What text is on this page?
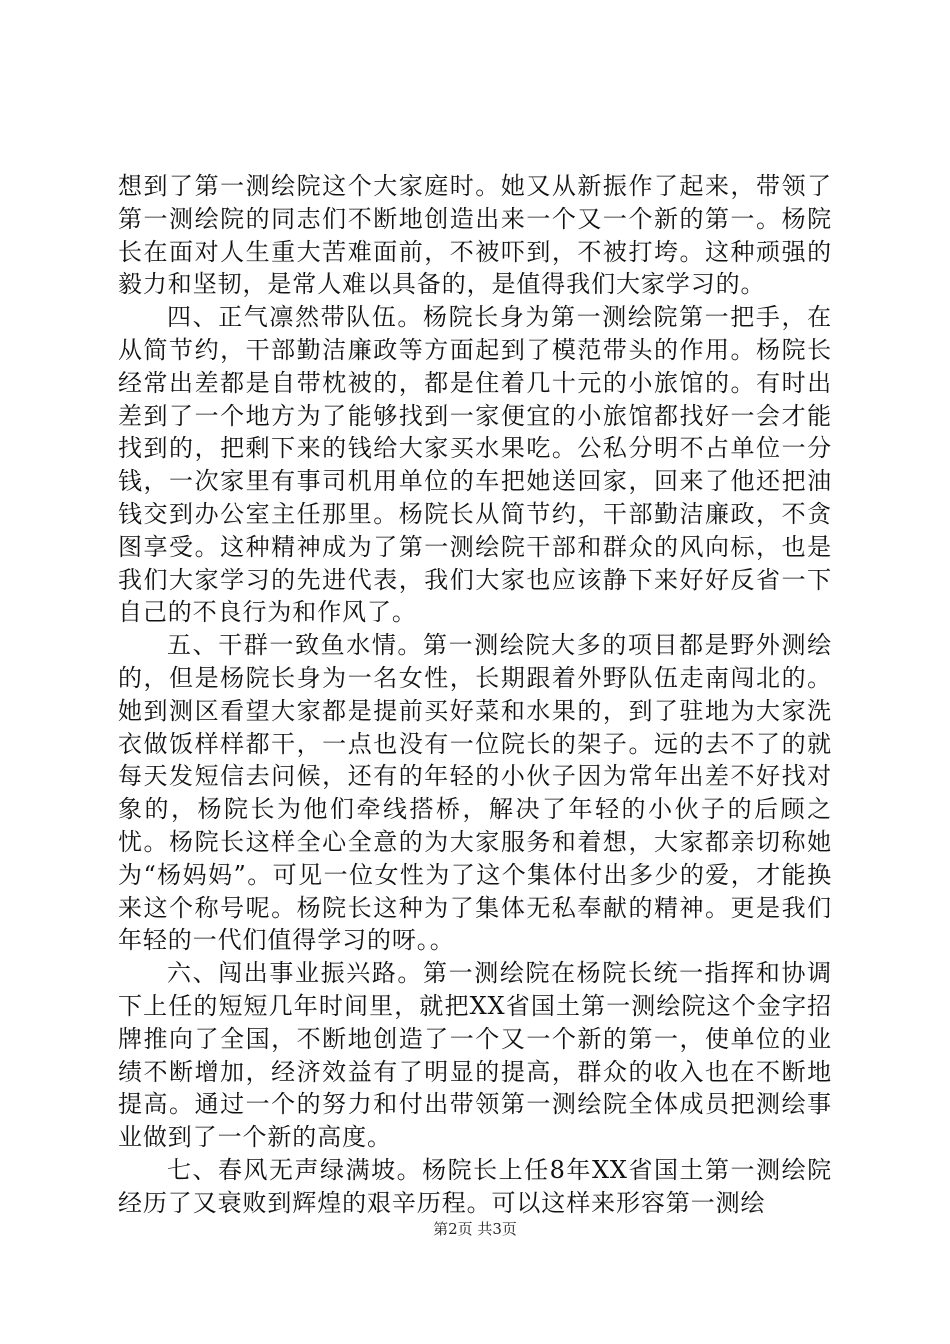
想到了第一测绘院这个大家庭时。她又从新振作了起来，带领了第一测绘院的同志们不断地创造出来一个又一个新的第一。杨院长在面对人生重大苦难面前，不被吓到，不被打垮。这种顽强的毅力和坚韧，是常人难以具备的，是值得我们大家学习的。

四、正气凛然带队伍。杨院长身为第一测绘院第一把手，在从简节约，干部勤洁廉政等方面起到了模范带头的作用。杨院长经常出差都是自带枕被的，都是住着几十元的小旅馆的。有时出差到了一个地方为了能够找到一家便宜的小旅馆都找好一会才能找到的，把剩下来的钱给大家买水果吃。公私分明不占单位一分钱，一次家里有事司机用单位的车把她送回家，回来了他还把油钱交到办公室主任那里。杨院长从简节约，干部勤洁廉政，不贪图享受。这种精神成为了第一测绘院干部和群众的风向标，也是我们大家学习的先进代表，我们大家也应该静下来好好反省一下自己的不良行为和作风了。

五、干群一致鱼水情。第一测绘院大多的项目都是野外测绘的，但是杨院长身为一名女性，长期跟着外野队伍走南闯北的。她到测区看望大家都是提前买好菜和水果的，到了驻地为大家洗衣做饭样样都干，一点也没有一位院长的架子。远的去不了的就每天发短信去问候，还有的年轻的小伙子因为常年出差不好找对象的，杨院长为他们牵线搭桥，解决了年轻的小伙子的后顾之忧。杨院长这样全心全意的为大家服务和着想，大家都亲切称她为“杨妈妈”。可见一位女性为了这个集体付出多少的爱，才能换来这个称号呢。杨院长这种为了集体无私奉献的精神。更是我们年轻的一代们值得学习的呀。。

六、闯出事业振兴路。第一测绘院在杨院长统一指挥和协调下上任的短短几年时间里，就把XX省国土第一测绘院这个金字招牌推向了全国，不断地创造了一个又一个新的第一，使单位的业绩不断增加，经济效益有了明显的提高，群众的收入也在不断地提高。通过一个的努力和付出带领第一测绘院全体成员把测绘事业做到了一个新的高度。

七、春风无声绿满坡。杨院长上任8年XX省国土第一测绘院经历了又衰败到辉煌的艰辛历程。可以这样来形容第一测绘

第2页 共3页
